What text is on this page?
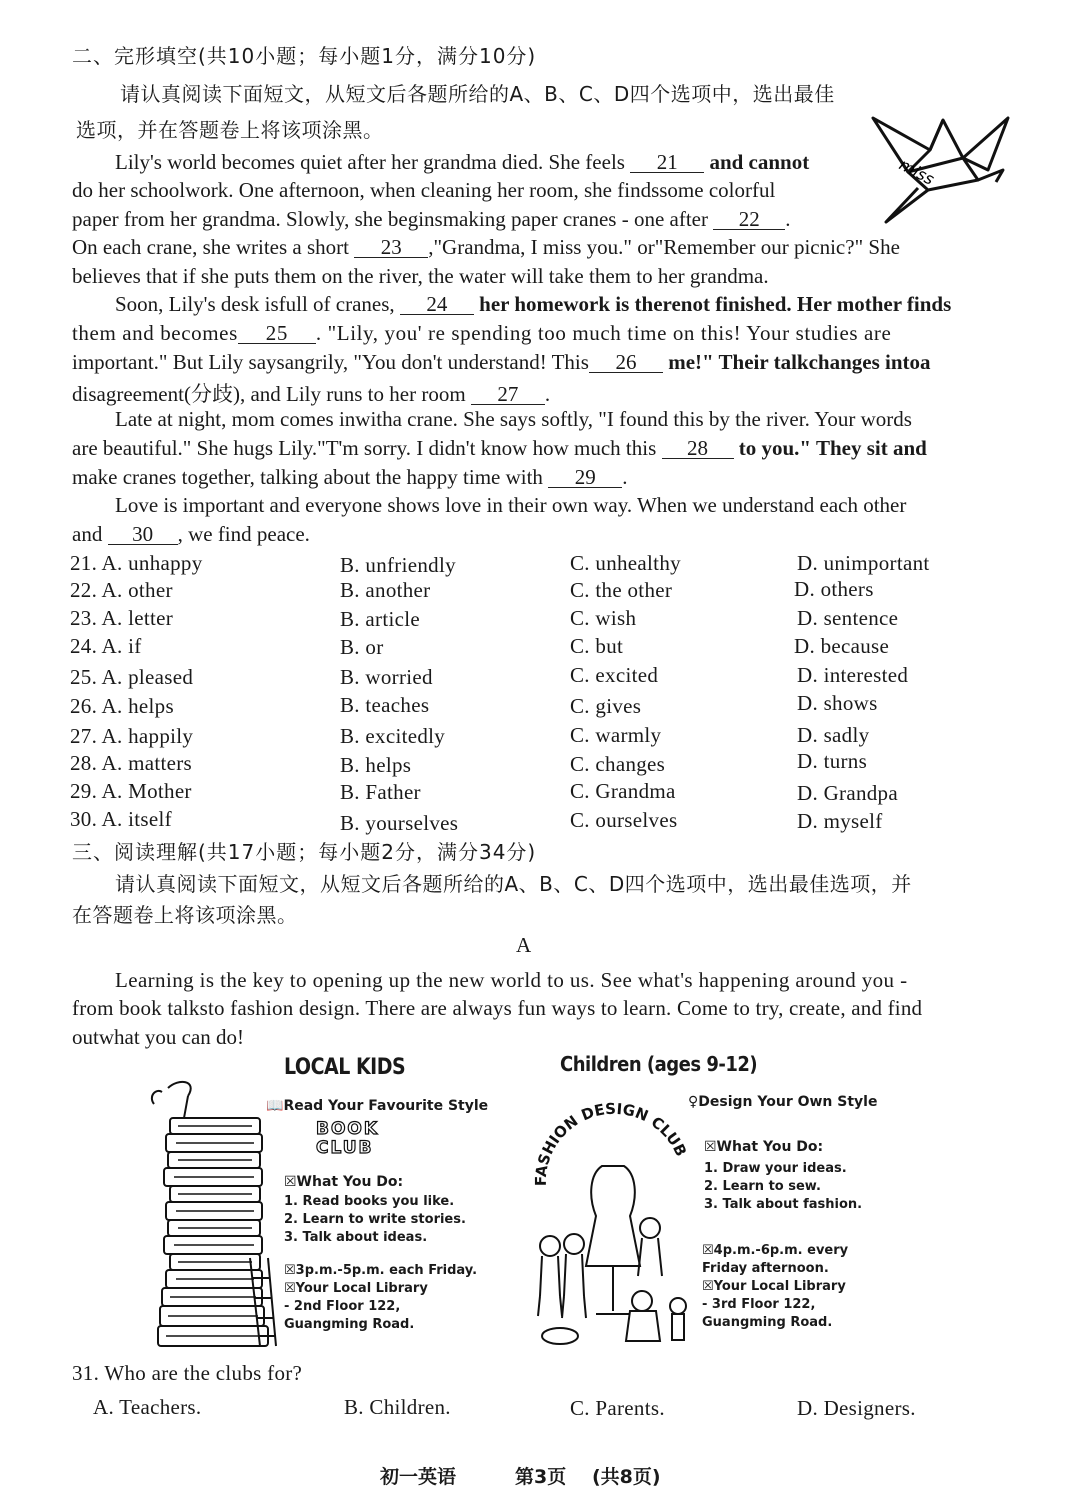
二、完形填空(共10小题；每小题1分，满分10分)
请认真阅读下面短文，从短文后各题所给的A、B、C、D四个选项中，选出最佳
选项，并在答题卷上将该项涂黑。
miss
Lily's world becomes quiet after her grandma died. She feels 21 and cannot
do her schoolwork. One afternoon, when cleaning her room, she findssome colorful
paper from her grandma. Slowly, she beginsmaking paper cranes - one after 22 .
On each crane, she writes a short 23 ,"Grandma, I miss you." or"Remember our picnic?" She
believes that if she puts them on the river, the water will take them to her grandma.
Soon, Lily's desk isfull of cranes, 24 her homework is therenot finished. Her mother finds
them and becomes 25 . "Lily, you' re spending too much time on this! Your studies are
important." But Lily saysangrily, "You don't understand! This 26 me!" Their talkchanges intoa
disagreement(分歧), and Lily runs to her room 27 .
Late at night, mom comes inwitha crane. She says softly, "I found this by the river. Your words
are beautiful." She hugs Lily."T'm sorry. I didn't know how much this 28 to you." They sit and
make cranes together, talking about the happy time with 29 .
Love is important and everyone shows love in their own way. When we understand each other
and 30 , we find peace.
21. A. unhappy	B. unfriendly	C. unhealthy	D. unimportant
22. A. other	B. another	C. the other	D. others
23. A. letter	B. article	C. wish	D. sentence
24. A. if	B. or	C. but	D. because
25. A. pleased	B. worried	C. excited	D. interested
26. A. helps	B. teaches	C. gives	D. shows
27. A. happily	B. excitedly	C. warmly	D. sadly
28. A. matters	B. helps	C. changes	D. turns
29. A. Mother	B. Father	C. Grandma	D. Grandpa
30. A. itself	B. yourselves	C. ourselves	D. myself
三、阅读理解(共17小题；每小题2分，满分34分)
请认真阅读下面短文，从短文后各题所给的A、B、C、D四个选项中，选出最佳选项，并
在答题卷上将该项涂黑。
A
Learning is the key to opening up the new world to us. See what's happening around you -
from book talksto fashion design. There are always fun ways to learn. Come to try, create, and find
outwhat you can do!
LOCAL KIDS
📖Read Your Favourite Style
BOOK
CLUB
☒What You Do:
1. Read books you like.
2. Learn to write stories.
3. Talk about ideas.
☒3p.m.-5p.m. each Friday.
☒Your Local Library
- 2nd Floor 122,
Guangming Road.
Children (ages 9-12)
FASHION DESIGN CLUB
♀Design Your Own Style
☒What You Do:
1. Draw your ideas.
2. Learn to sew.
3. Talk about fashion.
☒4p.m.-6p.m. every
Friday afternoon.
☒Your Local Library
- 3rd Floor 122,
Guangming Road.
31. Who are the clubs for?
A. Teachers.	B. Children.	C. Parents.	D. Designers.
初一英语	第3页 (共8页)
